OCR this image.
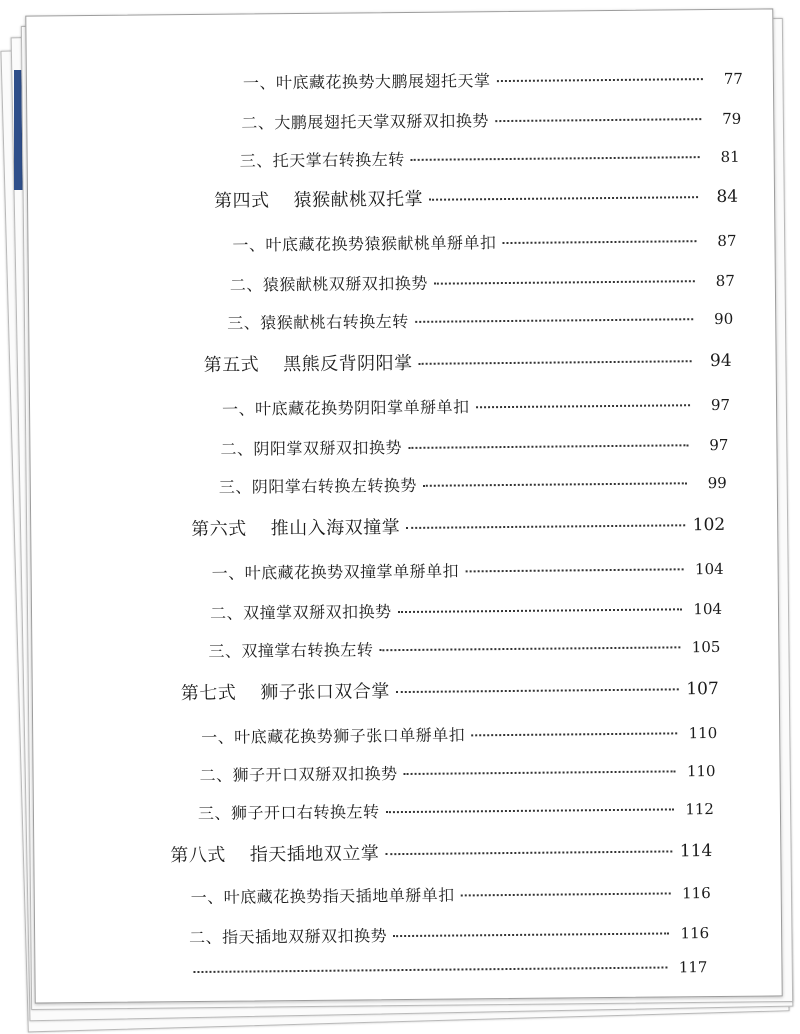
一、叶底藏花换势大鹏展翅托天掌	77
二、大鹏展翅托天掌双掰双扣换势	79
三、托天掌右转换左转	81
第四式 猿猴献桃双托掌	84
一、叶底藏花换势猿猴献桃单掰单扣	87
二、猿猴献桃双掰双扣换势	87
三、猿猴献桃右转换左转	90
第五式 黑熊反背阴阳掌	94
一、叶底藏花换势阴阳掌单掰单扣	97
二、阴阳掌双掰双扣换势	97
三、阴阳掌右转换左转换势	99
第六式 推山入海双撞掌	102
一、叶底藏花换势双撞掌单掰单扣	104
二、双撞掌双掰双扣换势	104
三、双撞掌右转换左转	105
第七式 狮子张口双合掌	107
一、叶底藏花换势狮子张口单掰单扣	110
二、狮子开口双掰双扣换势	110
三、狮子开口右转换左转	112
第八式 指天插地双立掌	114
一、叶底藏花换势指天插地单掰单扣	116
二、指天插地双掰双扣换势	116
117
